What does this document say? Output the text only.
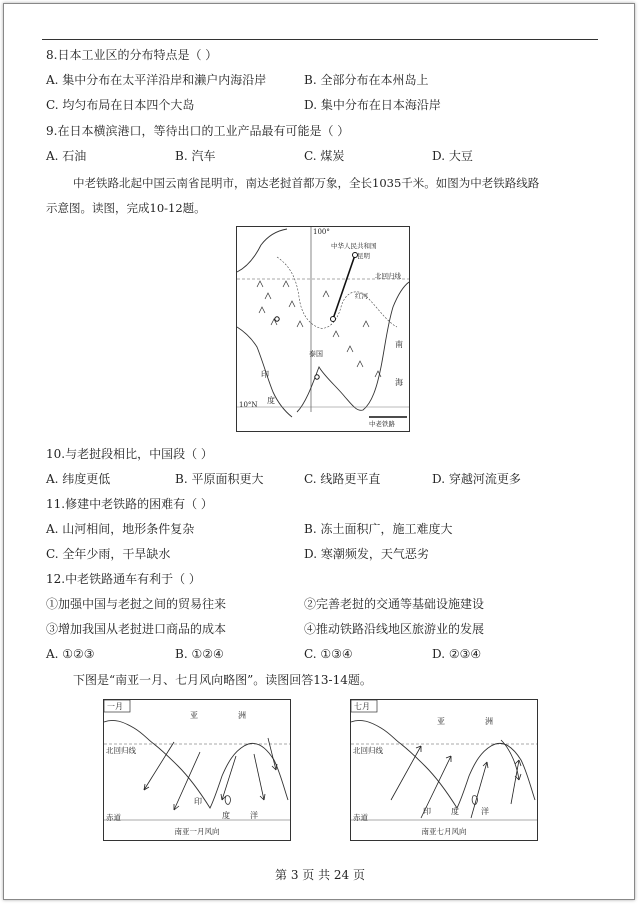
8.日本工业区的分布特点是（ ）
A. 集中分布在太平洋沿岸和濑户内海沿岸	B. 全部分布在本州岛上
C. 均匀布局在日本四个大岛	D. 集中分布在日本海沿岸
9.在日本横滨港口，等待出口的工业产品最有可能是（ ）
A. 石油	B. 汽车	C. 煤炭	D. 大豆
中老铁路北起中国云南省昆明市，南达老挝首都万象，全长1035千米。如图为中老铁路线路
示意图。读图，完成10-12题。
100°
中华人民共和国
昆明
北回归线
红河
泰国
印
度
南
海
10°N
中老铁路
10.与老挝段相比，中国段（ ）
A. 纬度更低	B. 平原面积更大	C. 线路更平直	D. 穿越河流更多
11.修建中老铁路的困难有（ ）
A. 山河相间，地形条件复杂	B. 冻土面积广，施工难度大
C. 全年少雨，干旱缺水	D. 寒潮频发，天气恶劣
12.中老铁路通车有利于（ ）
①加强中国与老挝之间的贸易往来	②完善老挝的交通等基础设施建设
③增加我国从老挝进口商品的成本	④推动铁路沿线地区旅游业的发展
A. ①②③	B. ①②④	C. ①③④	D. ②③④
下图是“南亚一月、七月风向略图”。读图回答13-14题。
一月
亚	洲
北回归线
印
度	洋
赤道
南亚一月风向
七月
亚	洲
北回归线
印	度	洋
赤道
南亚七月风向
第 3 页 共 24 页
